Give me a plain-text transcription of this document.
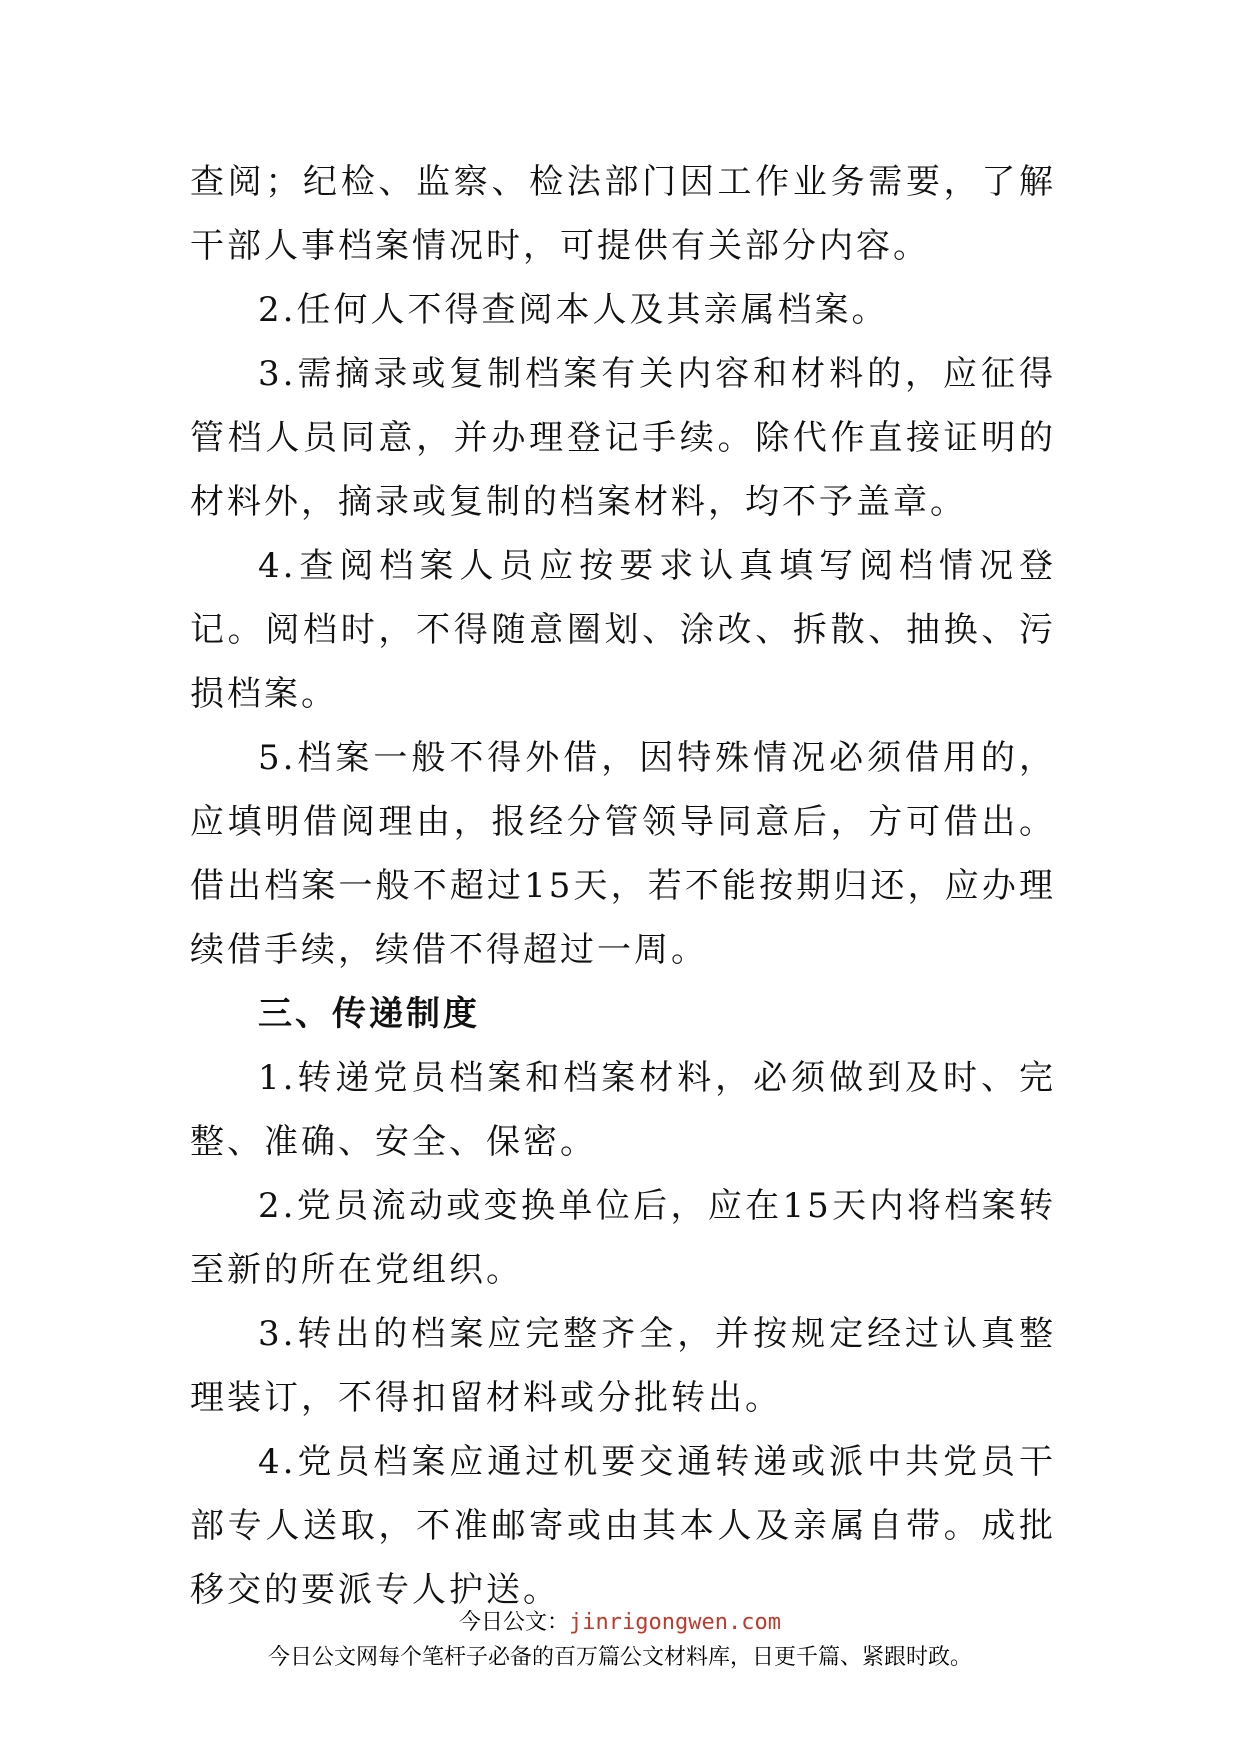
查阅；纪检、监察、检法部门因工作业务需要，了解干部人事档案情况时，可提供有关部分内容。

2.任何人不得查阅本人及其亲属档案。

3.需摘录或复制档案有关内容和材料的，应征得管档人员同意，并办理登记手续。除代作直接证明的材料外，摘录或复制的档案材料，均不予盖章。

4.查阅档案人员应按要求认真填写阅档情况登记。阅档时，不得随意圈划、涂改、拆散、抽换、污损档案。

5.档案一般不得外借，因特殊情况必须借用的，应填明借阅理由，报经分管领导同意后，方可借出。借出档案一般不超过15天，若不能按期归还，应办理续借手续，续借不得超过一周。

三、传递制度

1.转递党员档案和档案材料，必须做到及时、完整、准确、安全、保密。

2.党员流动或变换单位后，应在15天内将档案转至新的所在党组织。

3.转出的档案应完整齐全，并按规定经过认真整理装订，不得扣留材料或分批转出。

4.党员档案应通过机要交通转递或派中共党员干部专人送取，不准邮寄或由其本人及亲属自带。成批移交的要派专人护送。

今日公文：jinrigongwen.com
今日公文网每个笔杆子必备的百万篇公文材料库，日更千篇、紧跟时政。
